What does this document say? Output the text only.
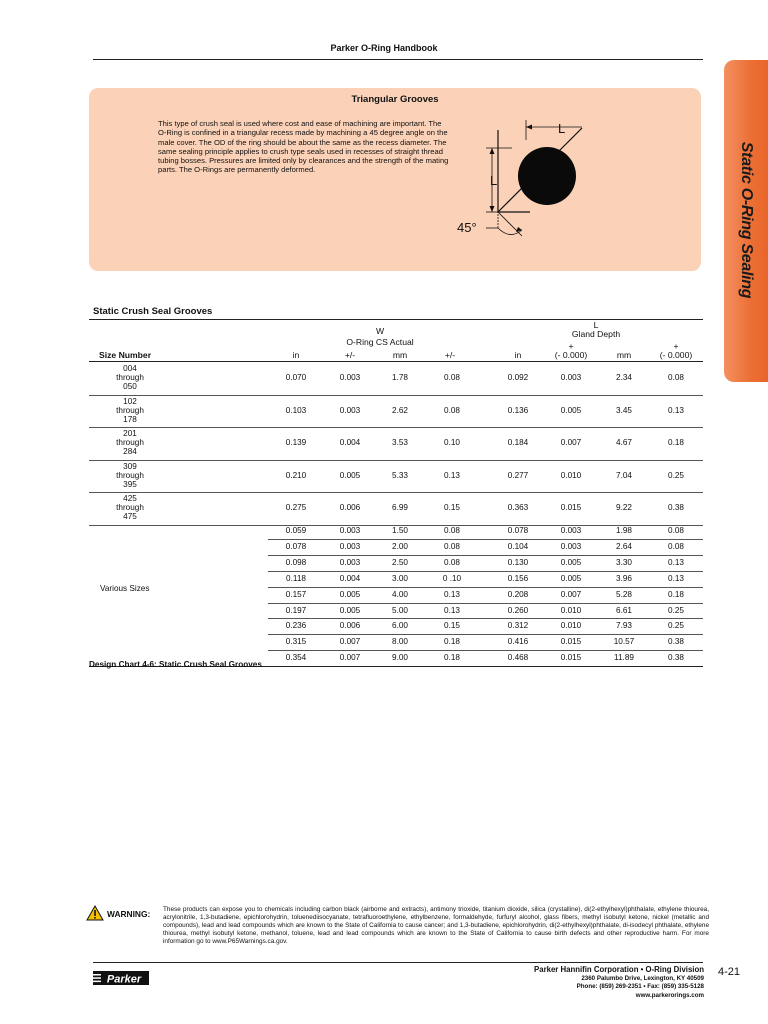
Parker O-Ring Handbook
Static O-Ring Sealing
Triangular Grooves
This type of crush seal is used where cost and ease of machining are important. The O-Ring is confined in a triangular recess made by machining a 45 degree angle on the male cover. The OD of the ring should be about the same as the recess diameter. The same sealing principle applies to crush type seals used in recesses of straight thread tubing bosses. Pressures are limited only by clearances and the strength of the mating parts. The O-Rings are permanently deformed.
L
L
45°
Static Crush Seal Grooves
W
O-Ring CS Actual
L
Gland Depth
+	+
Size Number	in	+/-	mm	+/-	in	(- 0.000)	mm	(- 0.000)
004
through
050
0.070	0.003	1.78	0.08	0.092	0.003	2.34	0.08
102
through
178
0.103	0.003	2.62	0.08	0.136	0.005	3.45	0.13
201
through
284
0.139	0.004	3.53	0.10	0.184	0.007	4.67	0.18
309
through
395
0.210	0.005	5.33	0.13	0.277	0.010	7.04	0.25
425
through
475
0.275	0.006	6.99	0.15	0.363	0.015	9.22	0.38
0.059	0.003	1.50	0.08	0.078	0.003	1.98	0.08
0.078	0.003	2.00	0.08	0.104	0.003	2.64	0.08
0.098	0.003	2.50	0.08	0.130	0.005	3.30	0.13
0.118	0.004	3.00	0 .10	0.156	0.005	3.96	0.13
0.157	0.005	4.00	0.13	0.208	0.007	5.28	0.18
0.197	0.005	5.00	0.13	0.260	0.010	6.61	0.25
0.236	0.006	6.00	0.15	0.312	0.010	7.93	0.25
0.315	0.007	8.00	0.18	0.416	0.015	10.57	0.38
0.354	0.007	9.00	0.18	0.468	0.015	11.89	0.38
Various Sizes
Design Chart 4-6: Static Crush Seal Grooves
WARNING: These products can expose you to chemicals including carbon black (airborne and extracts), antimony trioxide, titanium dioxide, silica (crystalline), di(2-ethylhexyl)phthalate, ethylene thiourea, acrylonitrile, 1,3-butadiene, epichlorohydrin, toluenediisocyanate, tetrafluoroethylene, ethylbenzene, formaldehyde, furfuryl alcohol, glass fibers, methyl isobutyl ketone, nickel (metallic and compounds), lead and lead compounds which are known to the State of California to cause cancer; and 1,3-butadiene, epichlorohydrin, di(2-ethylhexyl)phthalate, di-isodecyl phthalate, ethylene thiourea, methyl isobutyl ketone, methanol, toluene, lead and lead compounds which are known to the State of California to cause birth defects and other reproductive harm. For more information go to www.P65Warnings.ca.gov.
Parker
Parker Hannifin Corporation • O-Ring Division
2360 Palumbo Drive, Lexington, KY 40509
Phone: (859) 269-2351 • Fax: (859) 335-5128
www.parkerorings.com
4-21
